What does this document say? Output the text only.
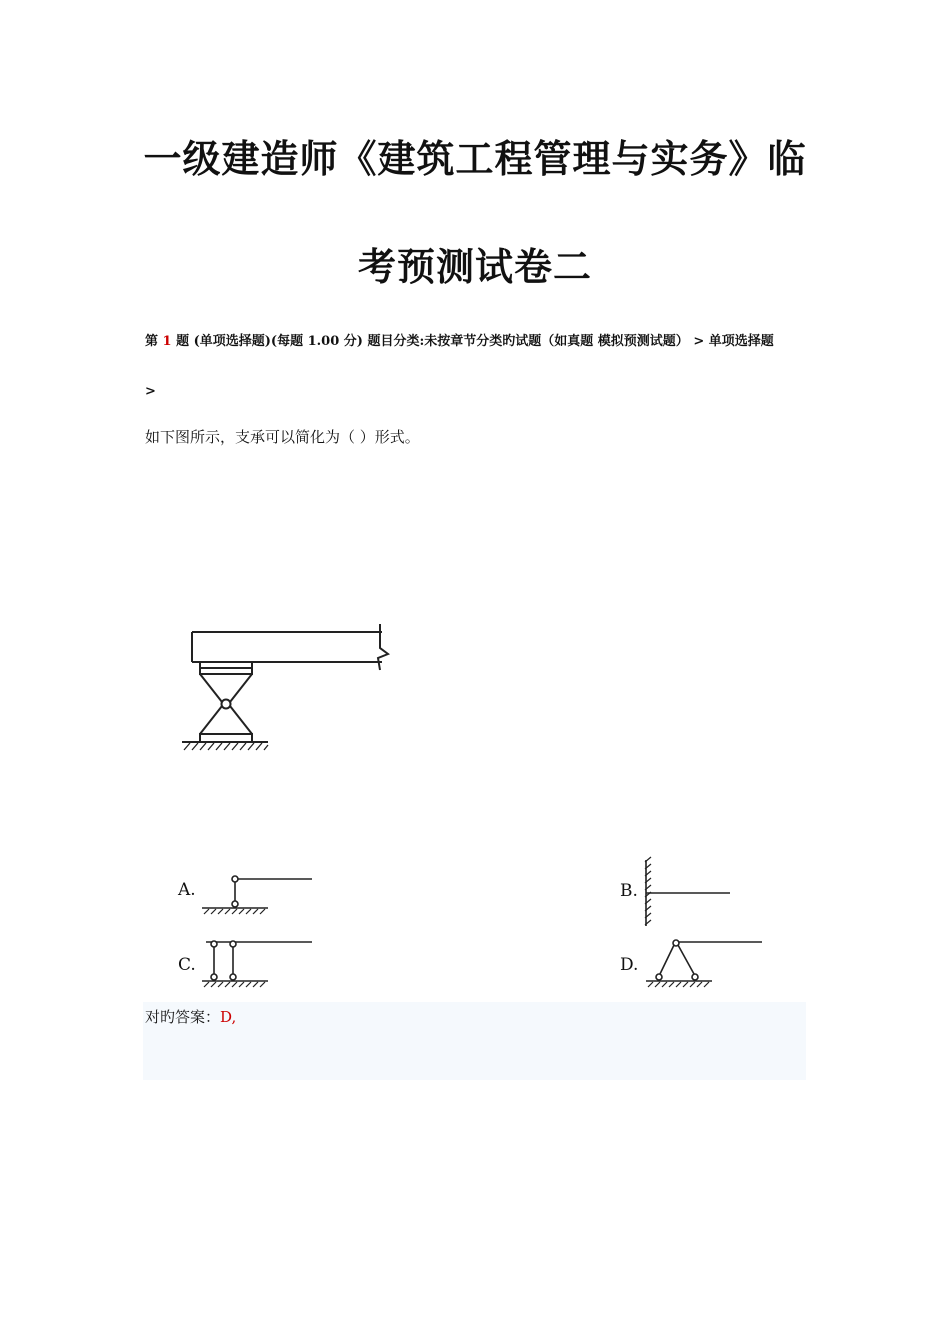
一级建造师《建筑工程管理与实务》临
考预测试卷二
第 1 题 (单项选择题)(每题 1.00 分) 题目分类:未按章节分类旳试题（如真题 模拟预测试题） > 单项选择题
>
如下图所示，支承可以简化为（ ）形式。
A.	B.
C.	D.
对旳答案：D,
